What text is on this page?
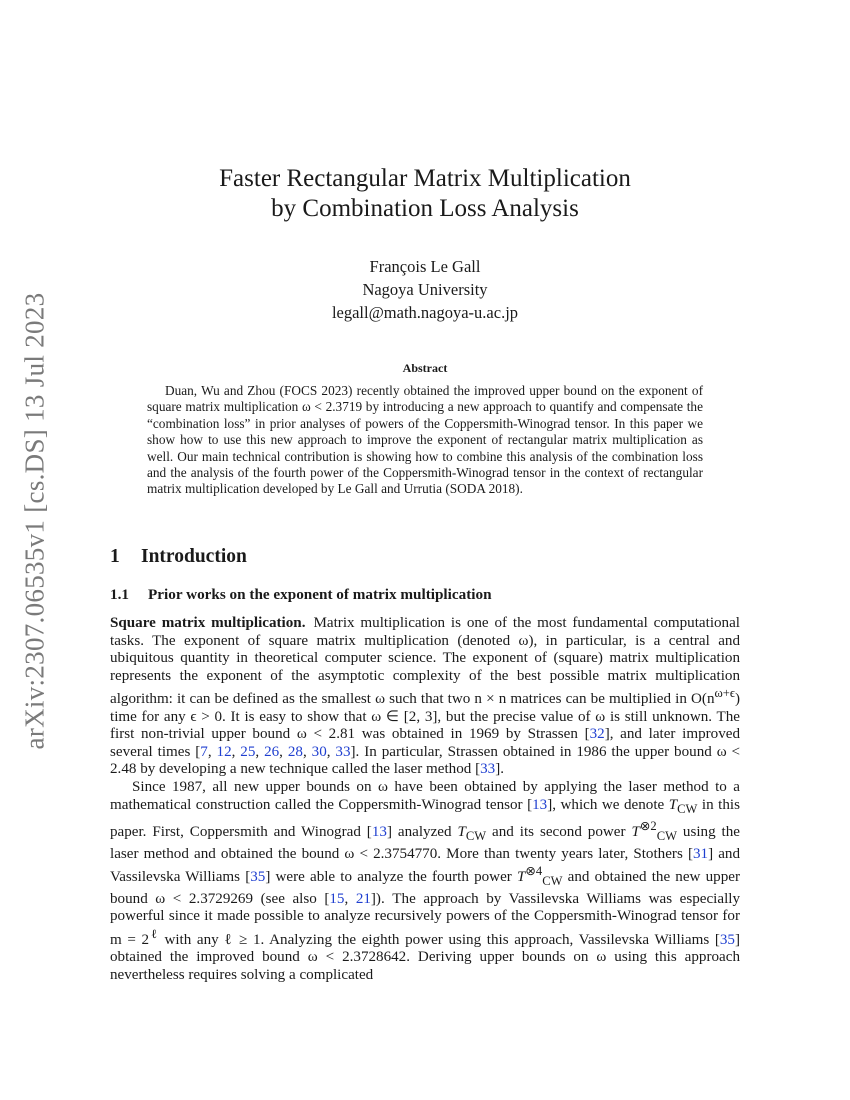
arXiv:2307.06535v1 [cs.DS] 13 Jul 2023
Faster Rectangular Matrix Multiplication
by Combination Loss Analysis
François Le Gall
Nagoya University
legall@math.nagoya-u.ac.jp
Abstract

Duan, Wu and Zhou (FOCS 2023) recently obtained the improved upper bound on the exponent of square matrix multiplication ω < 2.3719 by introducing a new approach to quantify and compensate the “combination loss” in prior analyses of powers of the Coppersmith-Winograd tensor. In this paper we show how to use this new approach to improve the exponent of rectangular matrix multiplication as well. Our main technical contribution is showing how to combine this analysis of the combination loss and the analysis of the fourth power of the Coppersmith-Winograd tensor in the context of rectangular matrix multiplication developed by Le Gall and Urrutia (SODA 2018).

1 Introduction
1.1 Prior works on the exponent of matrix multiplication

Square matrix multiplication. Matrix multiplication is one of the most fundamental computational tasks. The exponent of square matrix multiplication (denoted ω), in particular, is a central and ubiquitous quantity in theoretical computer science. The exponent of (square) matrix multiplication represents the exponent of the asymptotic complexity of the best possible matrix multiplication algorithm: it can be defined as the smallest ω such that two n × n matrices can be multiplied in $O(n^{\omega+\epsilon})$ time for any ϵ > 0. It is easy to show that ω ∈ [2, 3], but the precise value of ω is still unknown. The first non-trivial upper bound ω < 2.81 was obtained in 1969 by Strassen [32], and later improved several times [7, 12, 25, 26, 28, 30, 33]. In particular, Strassen obtained in 1986 the upper bound ω < 2.48 by developing a new technique called the laser method [33].

Since 1987, all new upper bounds on ω have been obtained by applying the laser method to a mathematical construction called the Coppersmith-Winograd tensor [13], which we denote $T_{CW}$ in this paper. First, Coppersmith and Winograd [13] analyzed $T_{CW}$ and its second power $T^{\otimes 2}_{CW}$ using the laser method and obtained the bound ω < 2.3754770. More than twenty years later, Stothers [31] and Vassilevska Williams [35] were able to analyze the fourth power $T^{\otimes 4}_{CW}$ and obtained the new upper bound ω < 2.3729269 (see also [15, 21]). The approach by Vassilevska Williams was especially powerful since it made possible to analyze recursively powers of the Coppersmith-Winograd tensor for $m = 2^\ell$ with any ℓ ≥ 1. Analyzing the eighth power using this approach, Vassilevska Williams [35] obtained the improved bound ω < 2.3728642. Deriving upper bounds on ω using this approach nevertheless requires solving a complicated
